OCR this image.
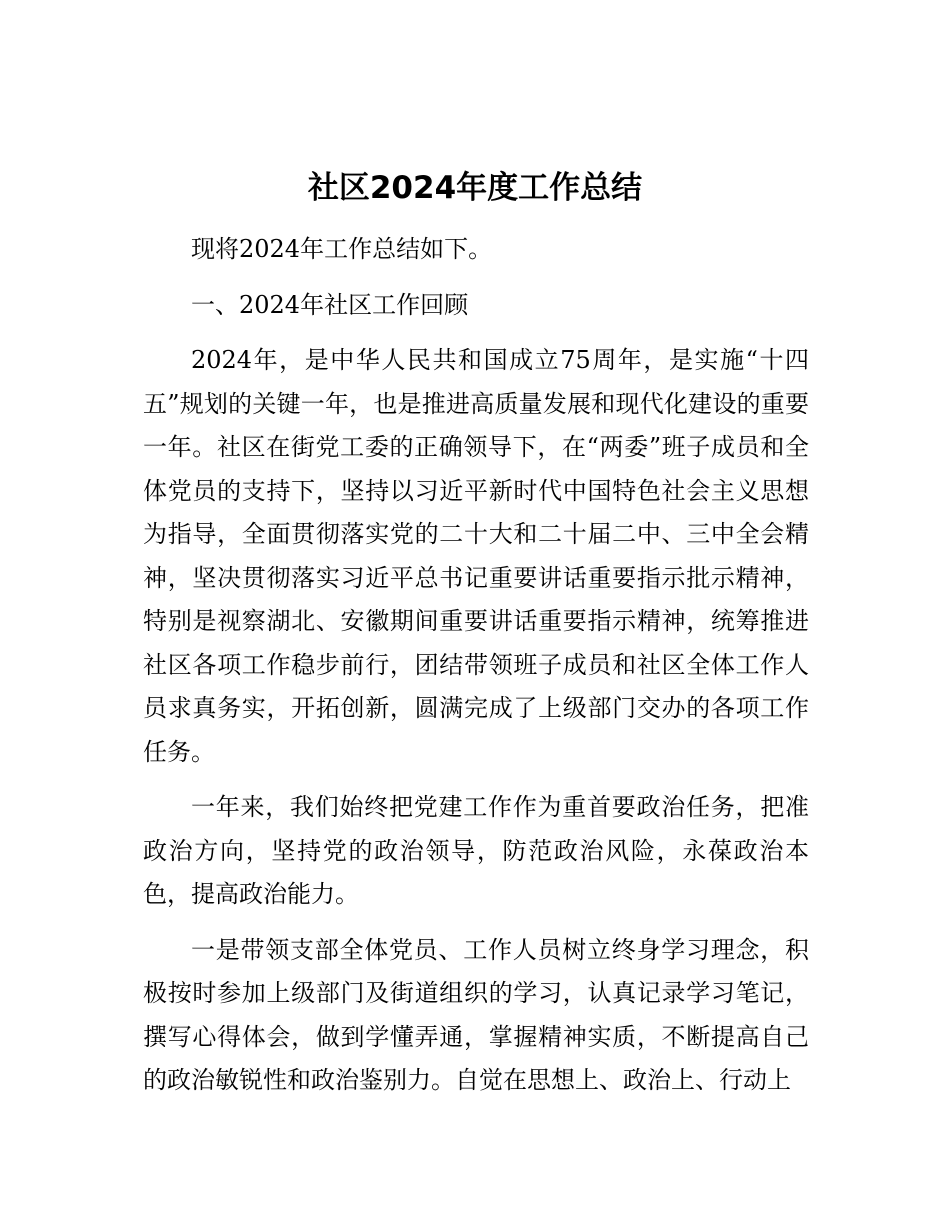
社区2024年度工作总结

现将2024年工作总结如下。

一、2024年社区工作回顾

2024年，是中华人民共和国成立75周年，是实施“十四五”规划的关键一年，也是推进高质量发展和现代化建设的重要一年。社区在街党工委的正确领导下，在“两委”班子成员和全体党员的支持下，坚持以习近平新时代中国特色社会主义思想为指导，全面贯彻落实党的二十大和二十届二中、三中全会精神，坚决贯彻落实习近平总书记重要讲话重要指示批示精神，特别是视察湖北、安徽期间重要讲话重要指示精神，统筹推进社区各项工作稳步前行，团结带领班子成员和社区全体工作人员求真务实，开拓创新，圆满完成了上级部门交办的各项工作任务。

一年来，我们始终把党建工作作为重首要政治任务，把准政治方向，坚持党的政治领导，防范政治风险，永葆政治本色，提高政治能力。

一是带领支部全体党员、工作人员树立终身学习理念，积极按时参加上级部门及街道组织的学习，认真记录学习笔记，撰写心得体会，做到学懂弄通，掌握精神实质，不断提高自己的政治敏锐性和政治鉴别力。自觉在思想上、政治上、行动上
